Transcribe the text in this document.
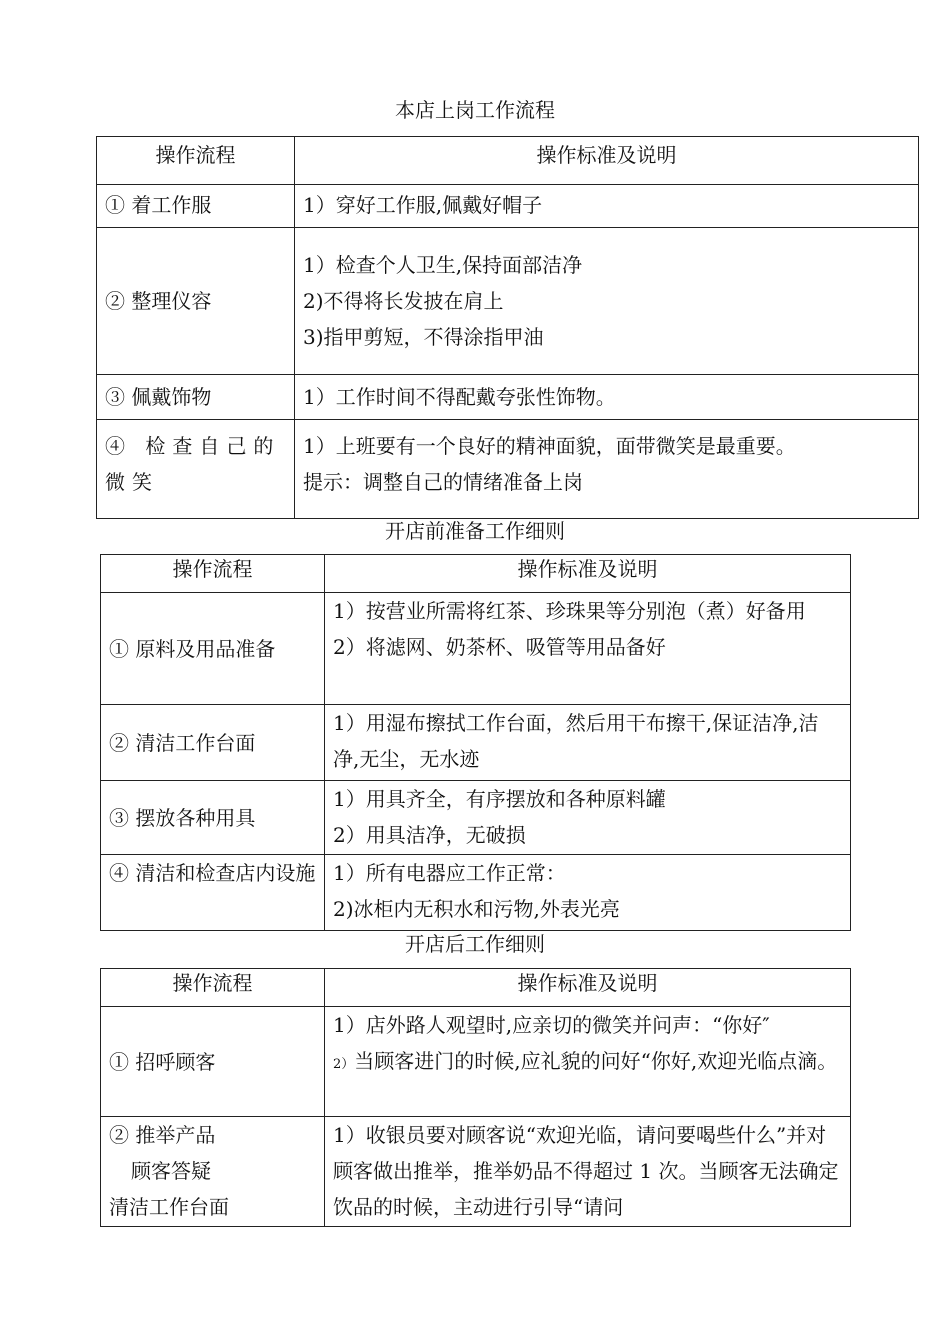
本店上岗工作流程
操作流程	操作标准及说明
① 着工作服	1）穿好工作服,佩戴好帽子

② 整理仪容	1）检查个人卫生,保持面部洁净
2)不得将长发披在肩上
3)指甲剪短，不得涂指甲油

③ 佩戴饰物	1）工作时间不得配戴夸张性饰物。

④ 检查自己的微笑	1）上班要有一个良好的精神面貌，面带微笑是最重要。
提示：调整自己的情绪准备上岗
开店前准备工作细则
操作流程	操作标准及说明
① 原料及用品准备	1）按营业所需将红茶、珍珠果等分别泡（煮）好备用
2）将滤网、奶茶杯、吸管等用品备好

② 清洁工作台面	1）用湿布擦拭工作台面，然后用干布擦干,保证洁净,洁净,无尘，无水迹

③ 摆放各种用具	1）用具齐全，有序摆放和各种原料罐
2）用具洁净，无破损

④ 清洁和检查店内设施	1）所有电器应工作正常：
2)冰柜内无积水和污物,外表光亮
开店后工作细则
操作流程	操作标准及说明
① 招呼顾客	1）店外路人观望时,应亲切的微笑并问声：“你好″
2）当顾客进门的时候,应礼貌的问好“你好,欢迎光临点滴。

② 推举产品
顾客答疑
清洁工作台面	1）收银员要对顾客说“欢迎光临，请问要喝些什么”并对顾客做出推举，推举奶品不得超过 1 次。当顾客无法确定饮品的时候，主动进行引导“请问
